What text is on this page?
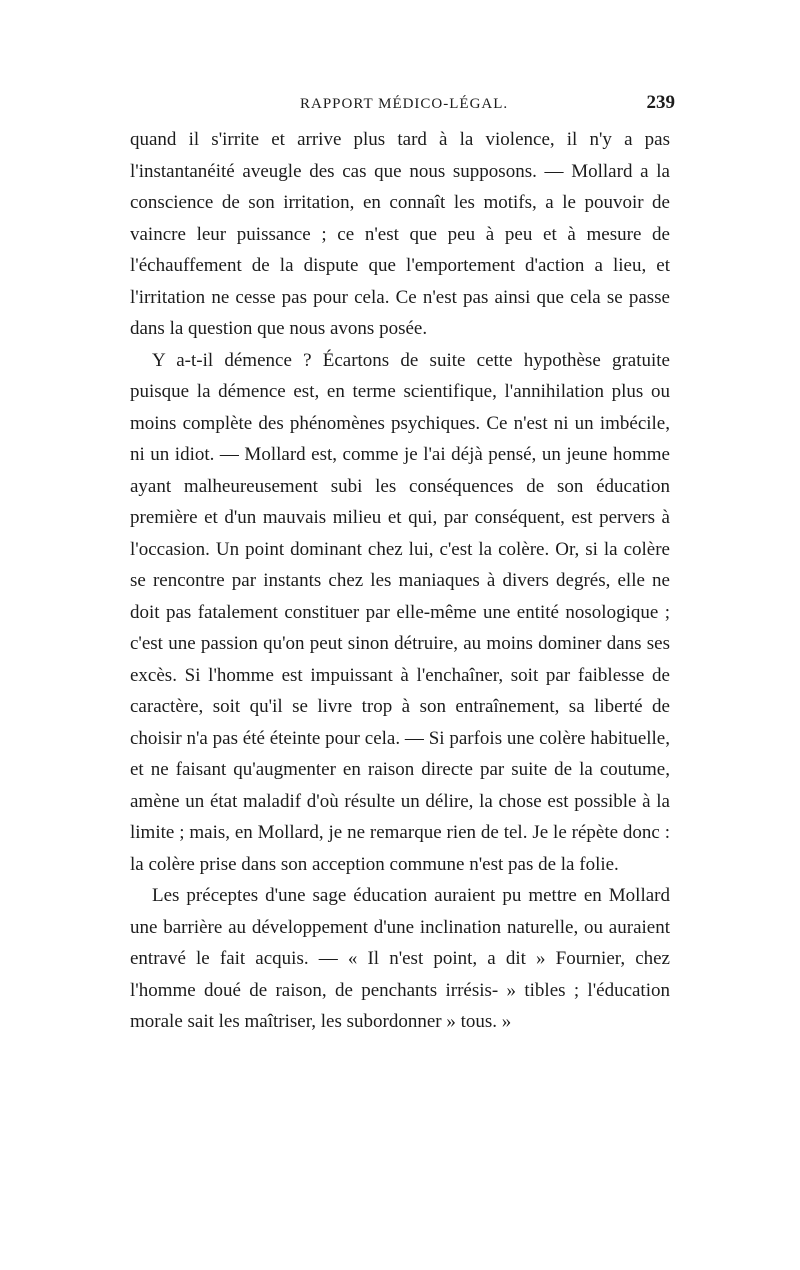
RAPPORT MÉDICO-LÉGAL.	239

quand il s'irrite et arrive plus tard à la violence, il n'y a pas l'instantanéité aveugle des cas que nous supposons. — Mollard a la conscience de son irritation, en connaît les motifs, a le pouvoir de vaincre leur puissance ; ce n'est que peu à peu et à mesure de l'échauffement de la dispute que l'emportement d'action a lieu, et l'irritation ne cesse pas pour cela. Ce n'est pas ainsi que cela se passe dans la question que nous avons posée.

Y a-t-il démence ? Écartons de suite cette hypothèse gratuite puisque la démence est, en terme scientifique, l'annihilation plus ou moins complète des phénomènes psychiques. Ce n'est ni un imbécile, ni un idiot. — Mollard est, comme je l'ai déjà pensé, un jeune homme ayant malheureusement subi les conséquences de son éducation première et d'un mauvais milieu et qui, par conséquent, est pervers à l'occasion. Un point dominant chez lui, c'est la colère. Or, si la colère se rencontre par instants chez les maniaques à divers degrés, elle ne doit pas fatalement constituer par elle-même une entité nosologique ; c'est une passion qu'on peut sinon détruire, au moins dominer dans ses excès. Si l'homme est impuissant à l'enchaîner, soit par faiblesse de caractère, soit qu'il se livre trop à son entraînement, sa liberté de choisir n'a pas été éteinte pour cela. — Si parfois une colère habituelle, et ne faisant qu'augmenter en raison directe par suite de la coutume, amène un état maladif d'où résulte un délire, la chose est possible à la limite ; mais, en Mollard, je ne remarque rien de tel. Je le répète donc : la colère prise dans son acception commune n'est pas de la folie.

Les préceptes d'une sage éducation auraient pu mettre en Mollard une barrière au développement d'une inclination naturelle, ou auraient entravé le fait acquis. — « Il n'est point, a dit » Fournier, chez l'homme doué de raison, de penchants irrésis- » tibles ; l'éducation morale sait les maîtriser, les subordonner » tous. »
